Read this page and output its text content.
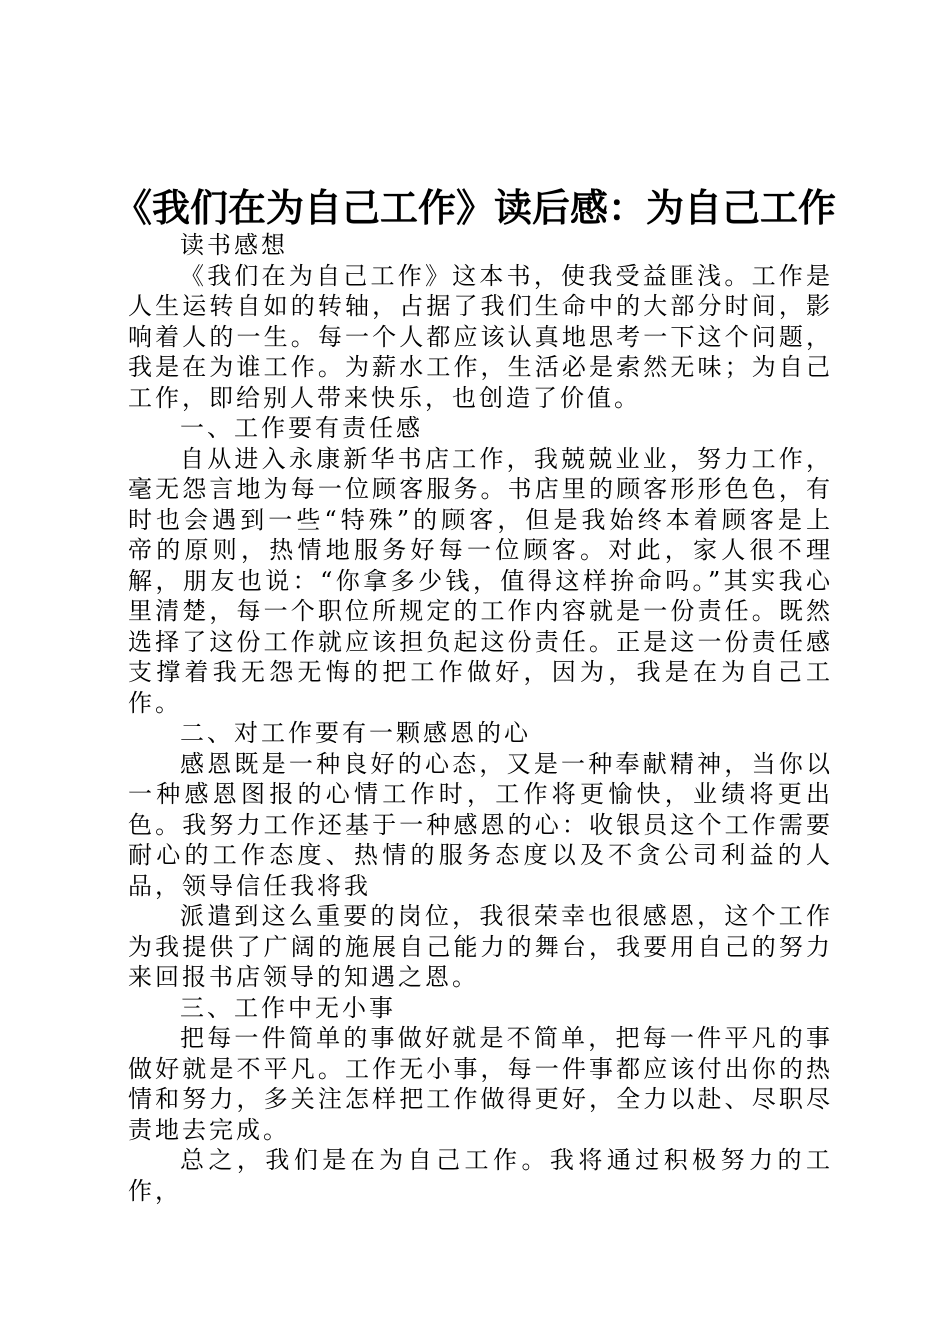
《我们在为自己工作》读后感：为自己工作

读书感想

《我们在为自己工作》这本书，使我受益匪浅。工作是人生运转自如的转轴，占据了我们生命中的大部分时间，影响着人的一生。每一个人都应该认真地思考一下这个问题，我是在为谁工作。为薪水工作，生活必是索然无味；为自己工作，即给别人带来快乐，也创造了价值。

一、工作要有责任感

自从进入永康新华书店工作，我兢兢业业，努力工作，毫无怨言地为每一位顾客服务。书店里的顾客形形色色，有时也会遇到一些“特殊”的顾客，但是我始终本着顾客是上帝的原则，热情地服务好每一位顾客。对此，家人很不理解，朋友也说：“你拿多少钱，值得这样拚命吗。”其实我心里清楚，每一个职位所规定的工作内容就是一份责任。既然选择了这份工作就应该担负起这份责任。正是这一份责任感支撑着我无怨无悔的把工作做好，因为，我是在为自己工作。

二、对工作要有一颗感恩的心

感恩既是一种良好的心态，又是一种奉献精神，当你以一种感恩图报的心情工作时，工作将更愉快，业绩将更出色。我努力工作还基于一种感恩的心：收银员这个工作需要耐心的工作态度、热情的服务态度以及不贪公司利益的人品，领导信任我将我

派遣到这么重要的岗位，我很荣幸也很感恩，这个工作为我提供了广阔的施展自己能力的舞台，我要用自己的努力来回报书店领导的知遇之恩。

三、工作中无小事

把每一件简单的事做好就是不简单，把每一件平凡的事做好就是不平凡。工作无小事，每一件事都应该付出你的热情和努力，多关注怎样把工作做得更好，全力以赴、尽职尽责地去完成。

总之，我们是在为自己工作。我将通过积极努力的工作，
